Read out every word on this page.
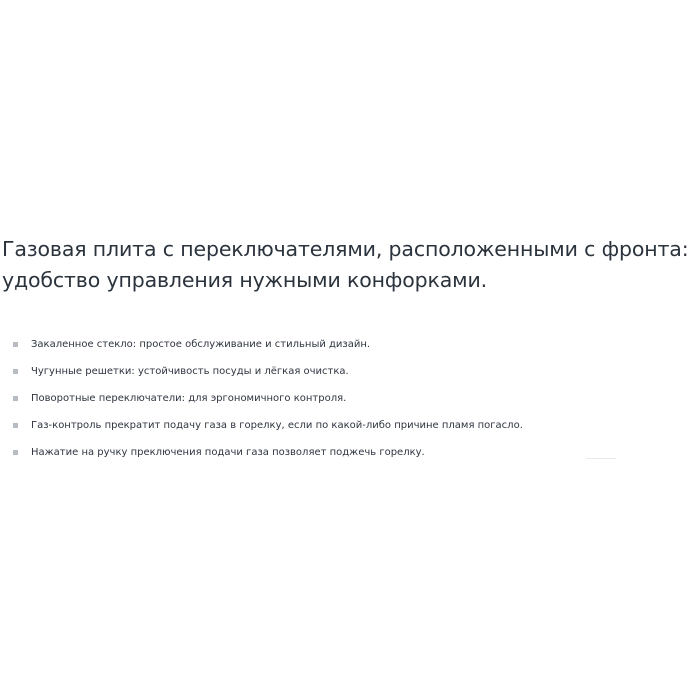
Газовая плита с переключателями, расположенными с фронта:
удобство управления нужными конфорками.
Закаленное стекло: простое обслуживание и стильный дизайн.
Чугунные решетки: устойчивость посуды и лёгкая очистка.
Поворотные переключатели: для эргономичного контроля.
Газ-контроль прекратит подачу газа в горелку, если по какой-либо причине пламя погасло.
Нажатие на ручку преключения подачи газа позволяет поджечь горелку.
